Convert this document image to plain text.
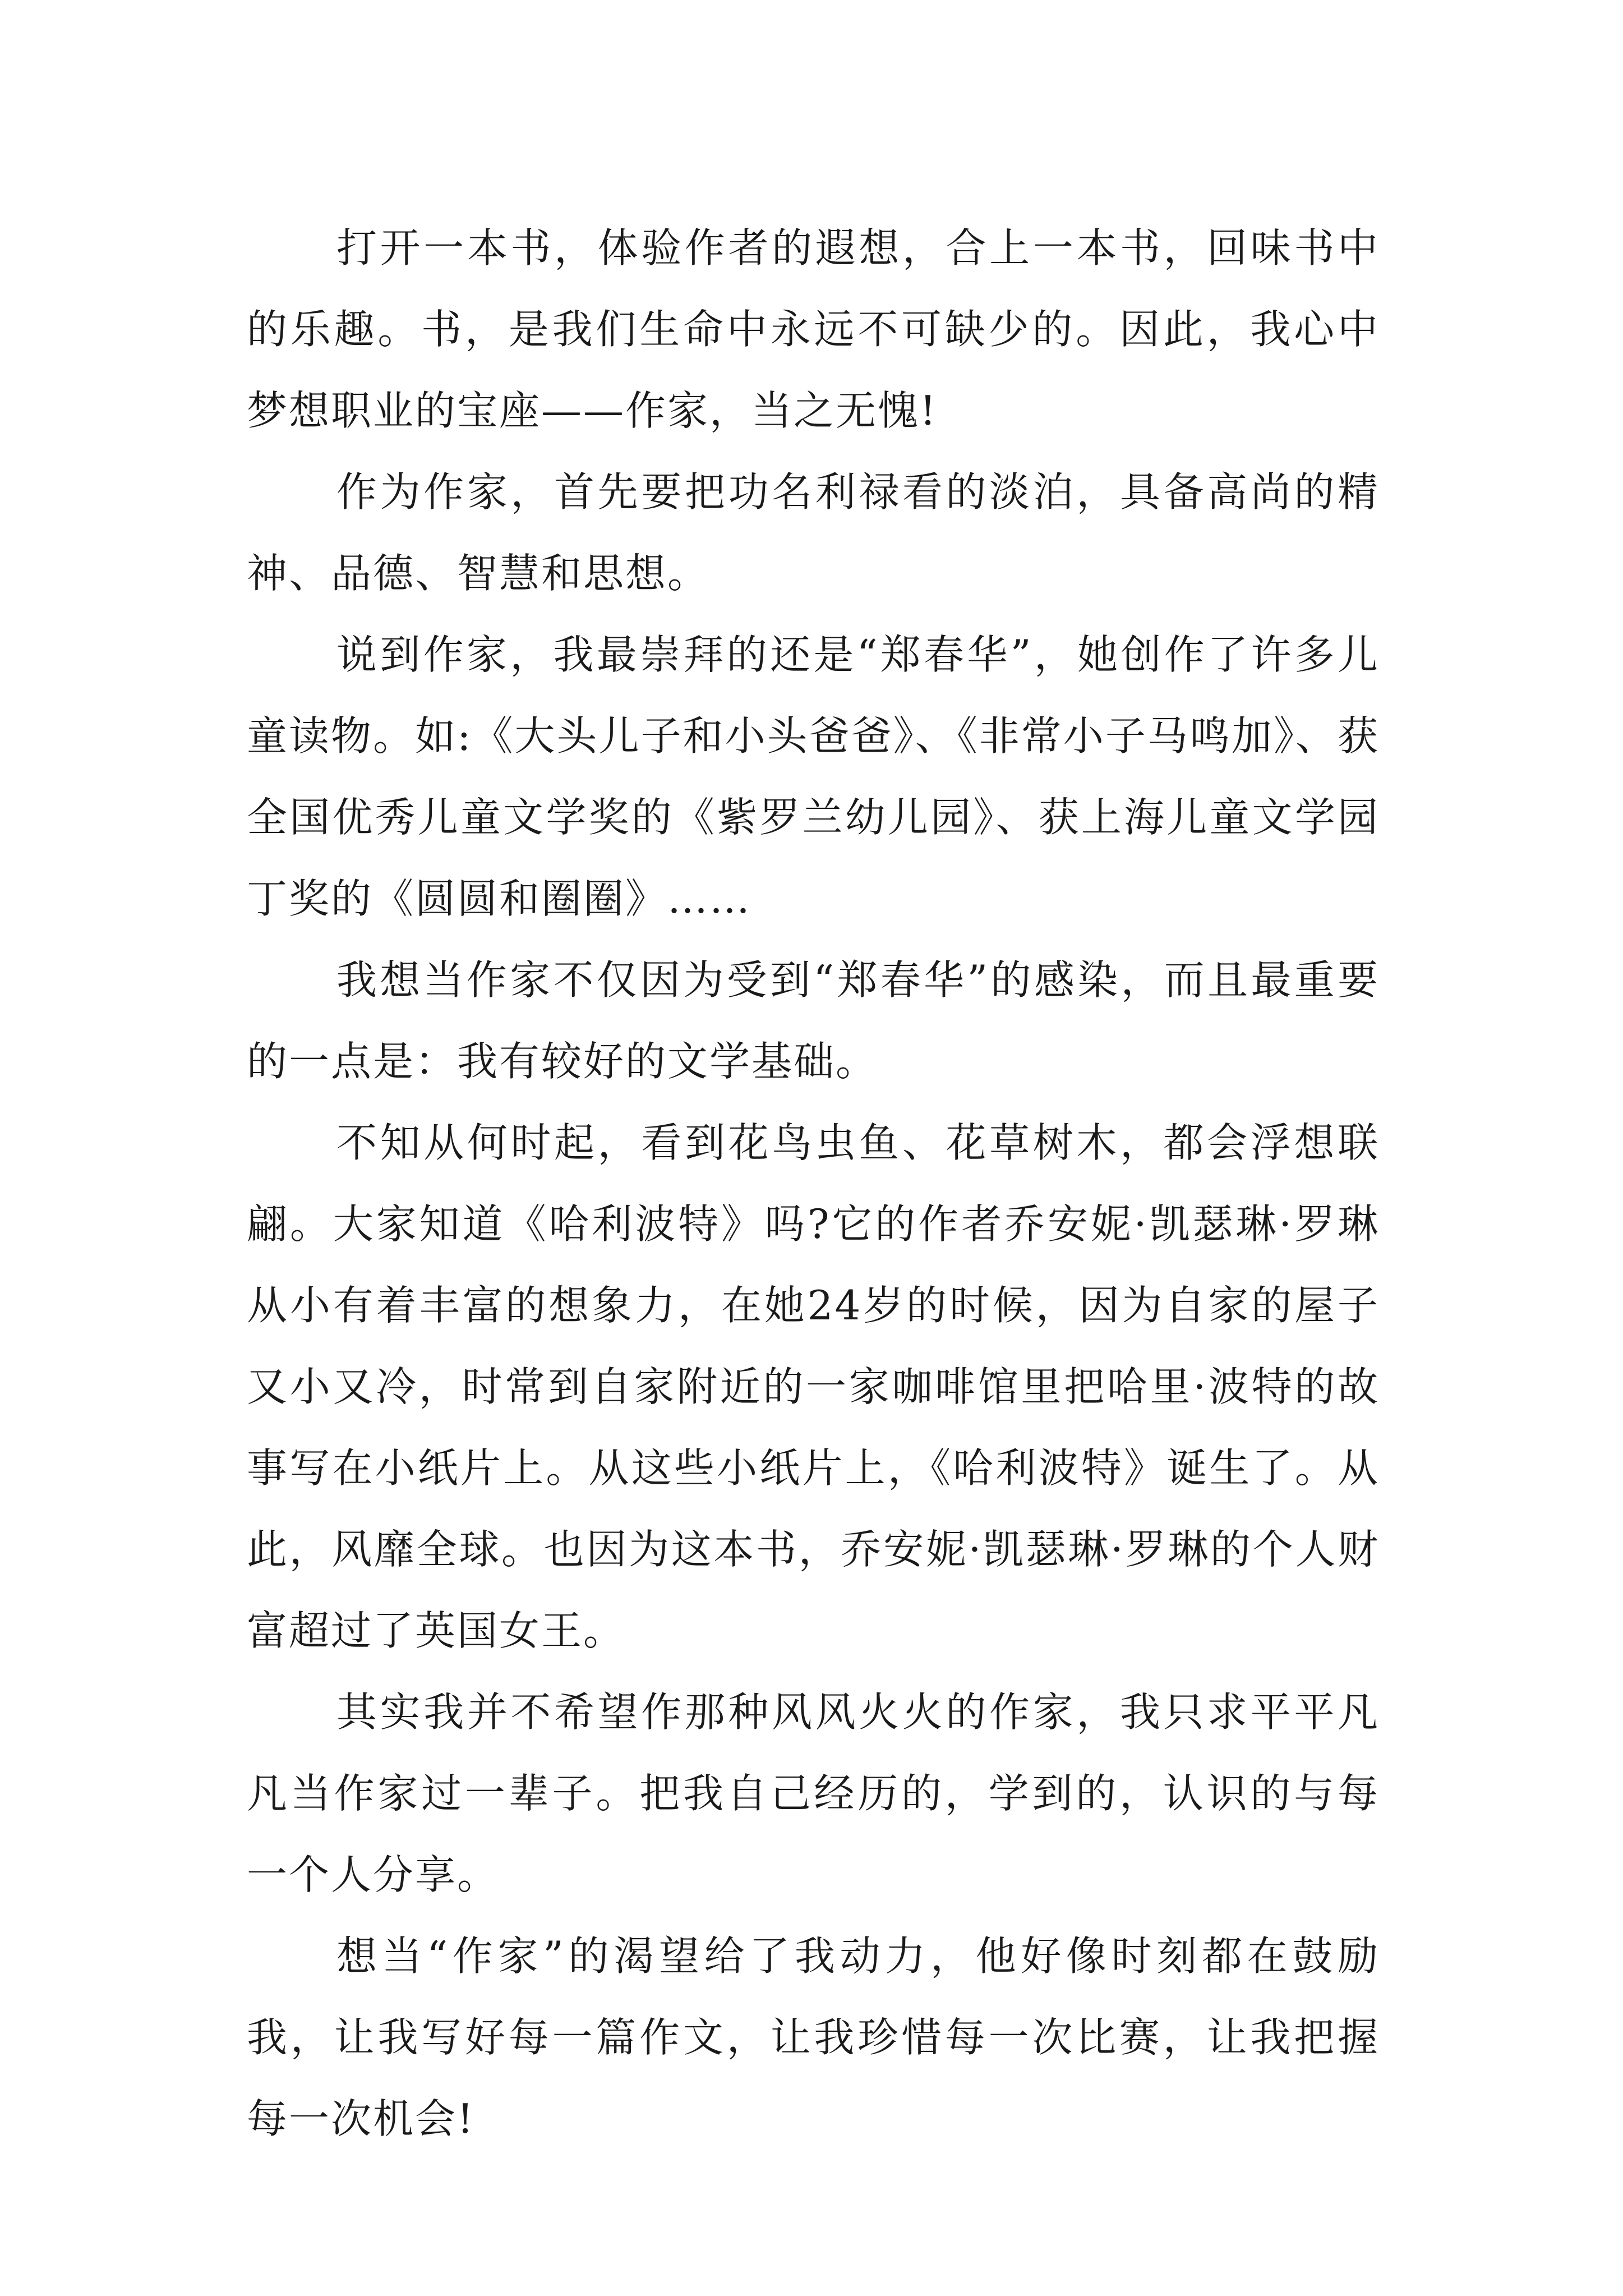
打开一本书，体验作者的遐想，合上一本书，回味书中的乐趣。书，是我们生命中永远不可缺少的。因此，我心中梦想职业的宝座——作家，当之无愧!

作为作家，首先要把功名利禄看的淡泊，具备高尚的精神、品德、智慧和思想。

说到作家，我最崇拜的还是“郑春华”，她创作了许多儿童读物。如:《大头儿子和小头爸爸》、《非常小子马鸣加》、获全国优秀儿童文学奖的《紫罗兰幼儿园》、获上海儿童文学园丁奖的《圆圆和圈圈》……

我想当作家不仅因为受到“郑春华”的感染，而且最重要的一点是：我有较好的文学基础。

不知从何时起，看到花鸟虫鱼、花草树木，都会浮想联翩。大家知道《哈利波特》吗?它的作者乔安妮·凯瑟琳·罗琳从小有着丰富的想象力，在她24岁的时候，因为自家的屋子又小又冷，时常到自家附近的一家咖啡馆里把哈里·波特的故事写在小纸片上。从这些小纸片上，《哈利波特》诞生了。从此，风靡全球。也因为这本书，乔安妮·凯瑟琳·罗琳的个人财富超过了英国女王。

其实我并不希望作那种风风火火的作家，我只求平平凡凡当作家过一辈子。把我自己经历的，学到的，认识的与每一个人分享。

想当“作家”的渴望给了我动力，他好像时刻都在鼓励我，让我写好每一篇作文，让我珍惜每一次比赛，让我把握每一次机会!
